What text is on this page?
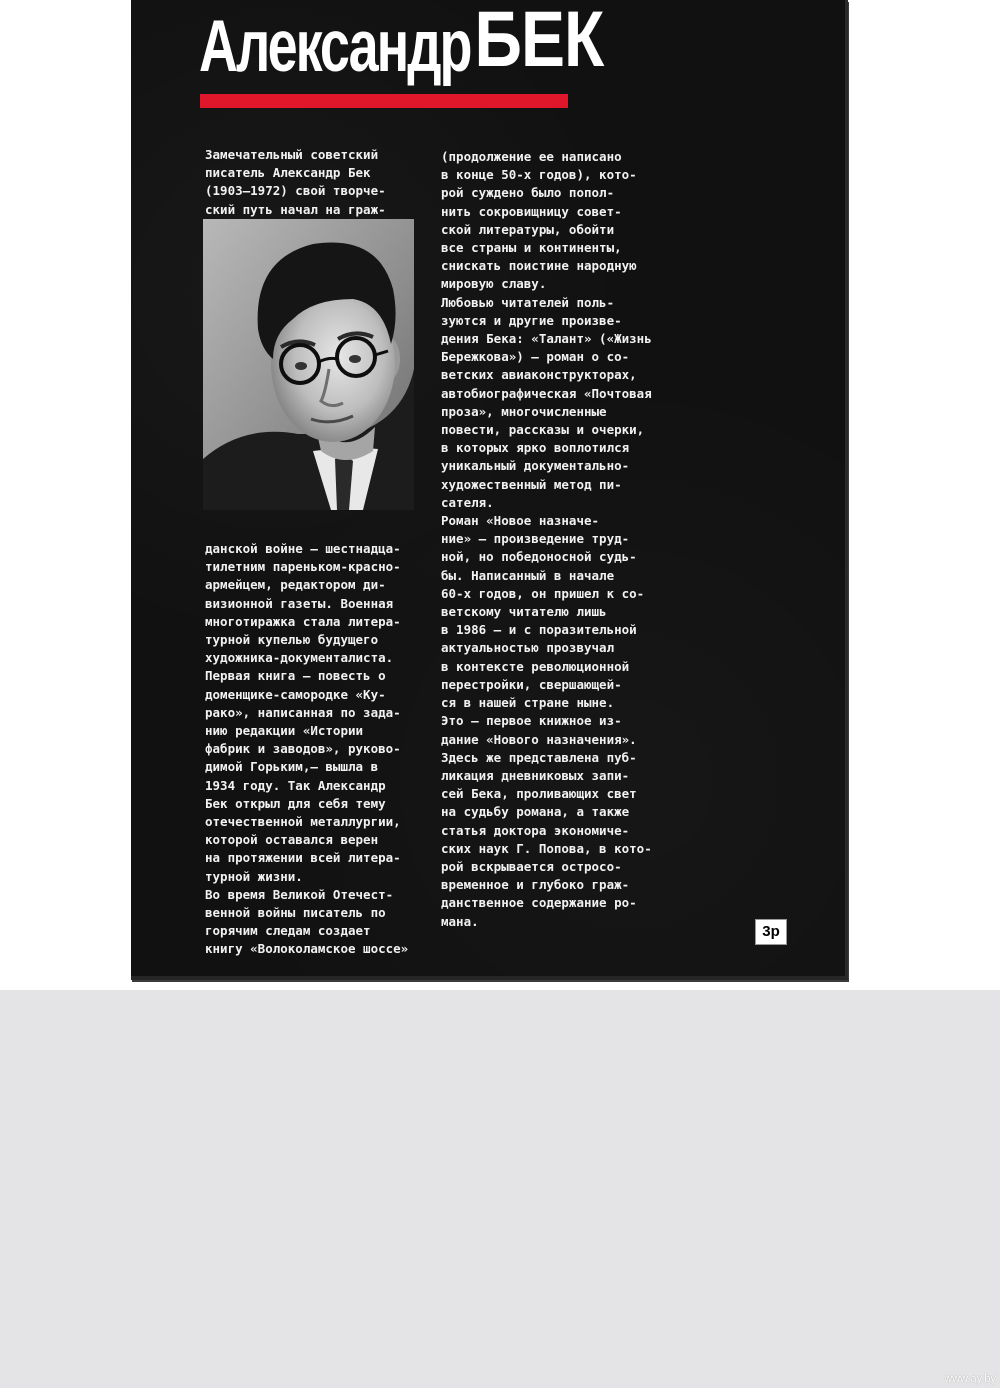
АлександрБЕК

Замечательный советский
писатель Александр Бек
(1903—1972) свой творче-
ский путь начал на граж-

данской войне — шестнадца-
тилетним пареньком-красно-
армейцем, редактором ди-
визионной газеты. Военная
многотиражка стала литера-
турной купелью будущего
художника-документалиста.
Первая книга — повесть о
доменщике-самородке «Ку-
рако», написанная по зада-
нию редакции «Истории
фабрик и заводов», руково-
димой Горьким,— вышла в
1934 году. Так Александр
Бек открыл для себя тему
отечественной металлургии,
которой оставался верен
на протяжении всей литера-
турной жизни.
Во время Великой Отечест-
венной войны писатель по
горячим следам создает
книгу «Волоколамское шоссе»

(продолжение ее написано
в конце 50-х годов), кото-
рой суждено было попол-
нить сокровищницу совет-
ской литературы, обойти
все страны и континенты,
снискать поистине народную
мировую славу.
Любовью читателей поль-
зуются и другие произве-
дения Бека: «Талант» («Жизнь
Бережкова») — роман о со-
ветских авиаконструкторах,
автобиографическая «Почтовая
проза», многочисленные
повести, рассказы и очерки,
в которых ярко воплотился
уникальный документально-
художественный метод пи-
сателя.
Роман «Новое назначе-
ние» — произведение труд-
ной, но победоносной судь-
бы. Написанный в начале
60-х годов, он пришел к со-
ветскому читателю лишь
в 1986 — и с поразительной
актуальностью прозвучал
в контексте революционной
перестройки, свершающей-
ся в нашей стране ныне.
Это — первое книжное из-
дание «Нового назначения».
Здесь же представлена пуб-
ликация дневниковых запи-
сей Бека, проливающих свет
на судьбу романа, а также
статья доктора экономиче-
ских наук Г. Попова, в кото-
рой вскрывается остросо-
временное и глубоко граж-
данственное содержание ро-
мана.

3р
www.ay.by
